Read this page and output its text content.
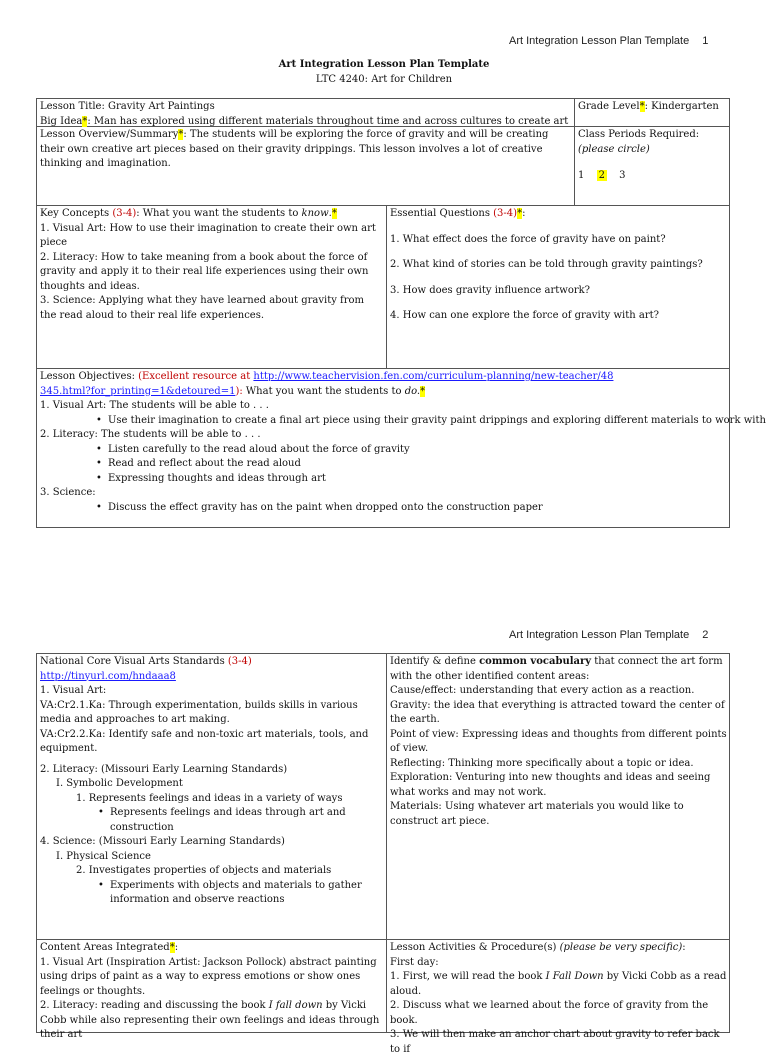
Art Integration Lesson Plan Template 1
Art Integration Lesson Plan Template
LTC 4240: Art for Children

Lesson Title: Gravity Art Paintings

Big Idea*: Man has explored using different materials throughout time and across cultures to create art

Grade Level*: Kindergarten

Lesson Overview/Summary*: The students will be exploring the force of gravity and will be creating their own creative art pieces based on their gravity drippings. This lesson involves a lot of creative thinking and imagination.

Class Periods Required:

(please circle)

1 2 3

Key Concepts (3-4): What you want the students to know.*

1. Visual Art: How to use their imagination to create their own art piece

2. Literacy: How to take meaning from a book about the force of gravity and apply it to their real life experiences using their own thoughts and ideas.

3. Science: Applying what they have learned about gravity from the read aloud to their real life experiences.

Essential Questions (3-4)*:

1. What effect does the force of gravity have on paint?

2. What kind of stories can be told through gravity paintings?

3. How does gravity influence artwork?

4. How can one explore the force of gravity with art?

Lesson Objectives: (Excellent resource at http://www.teachervision.fen.com/curriculum-planning/new-teacher/48345.html?for_printing=1&detoured=1): What you want the students to do.*

1. Visual Art: The students will be able to . . .

• Use their imagination to create a final art piece using their gravity paint drippings and exploring different materials to work with

2. Literacy: The students will be able to . . .

• Listen carefully to the read aloud about the force of gravity
• Read and reflect about the read aloud
• Expressing thoughts and ideas through art

3. Science:

• Discuss the effect gravity has on the paint when dropped onto the construction paper
Art Integration Lesson Plan Template 2

National Core Visual Arts Standards (3-4) http://tinyurl.com/hndaaa8

1. Visual Art:

VA:Cr2.1.Ka: Through experimentation, builds skills in various media and approaches to art making.

VA:Cr2.2.Ka: Identify safe and non-toxic art materials, tools, and equipment.

2. Literacy: (Missouri Early Learning Standards)

I. Symbolic Development

1. Represents feelings and ideas in a variety of ways

• Represents feelings and ideas through art and construction

4. Science: (Missouri Early Learning Standards)

I. Physical Science

2. Investigates properties of objects and materials

• Experiments with objects and materials to gather information and observe reactions

Identify & define common vocabulary that connect the art form with the other identified content areas:

Cause/effect: understanding that every action as a reaction.

Gravity: the idea that everything is attracted toward the center of the earth.

Point of view: Expressing ideas and thoughts from different points of view.

Reflecting: Thinking more specifically about a topic or idea.

Exploration: Venturing into new thoughts and ideas and seeing what works and may not work.

Materials: Using whatever art materials you would like to construct art piece.

Content Areas Integrated*:

1. Visual Art (Inspiration Artist: Jackson Pollock) abstract painting using drips of paint as a way to express emotions or show ones feelings or thoughts.

2. Literacy: reading and discussing the book I fall down by Vicki Cobb while also representing their own feelings and ideas through their art

Lesson Activities & Procedure(s) (please be very specific):

First day:

1. First, we will read the book I Fall Down by Vicki Cobb as a read aloud.

2. Discuss what we learned about the force of gravity from the book.

3. We will then make an anchor chart about gravity to refer back to if
